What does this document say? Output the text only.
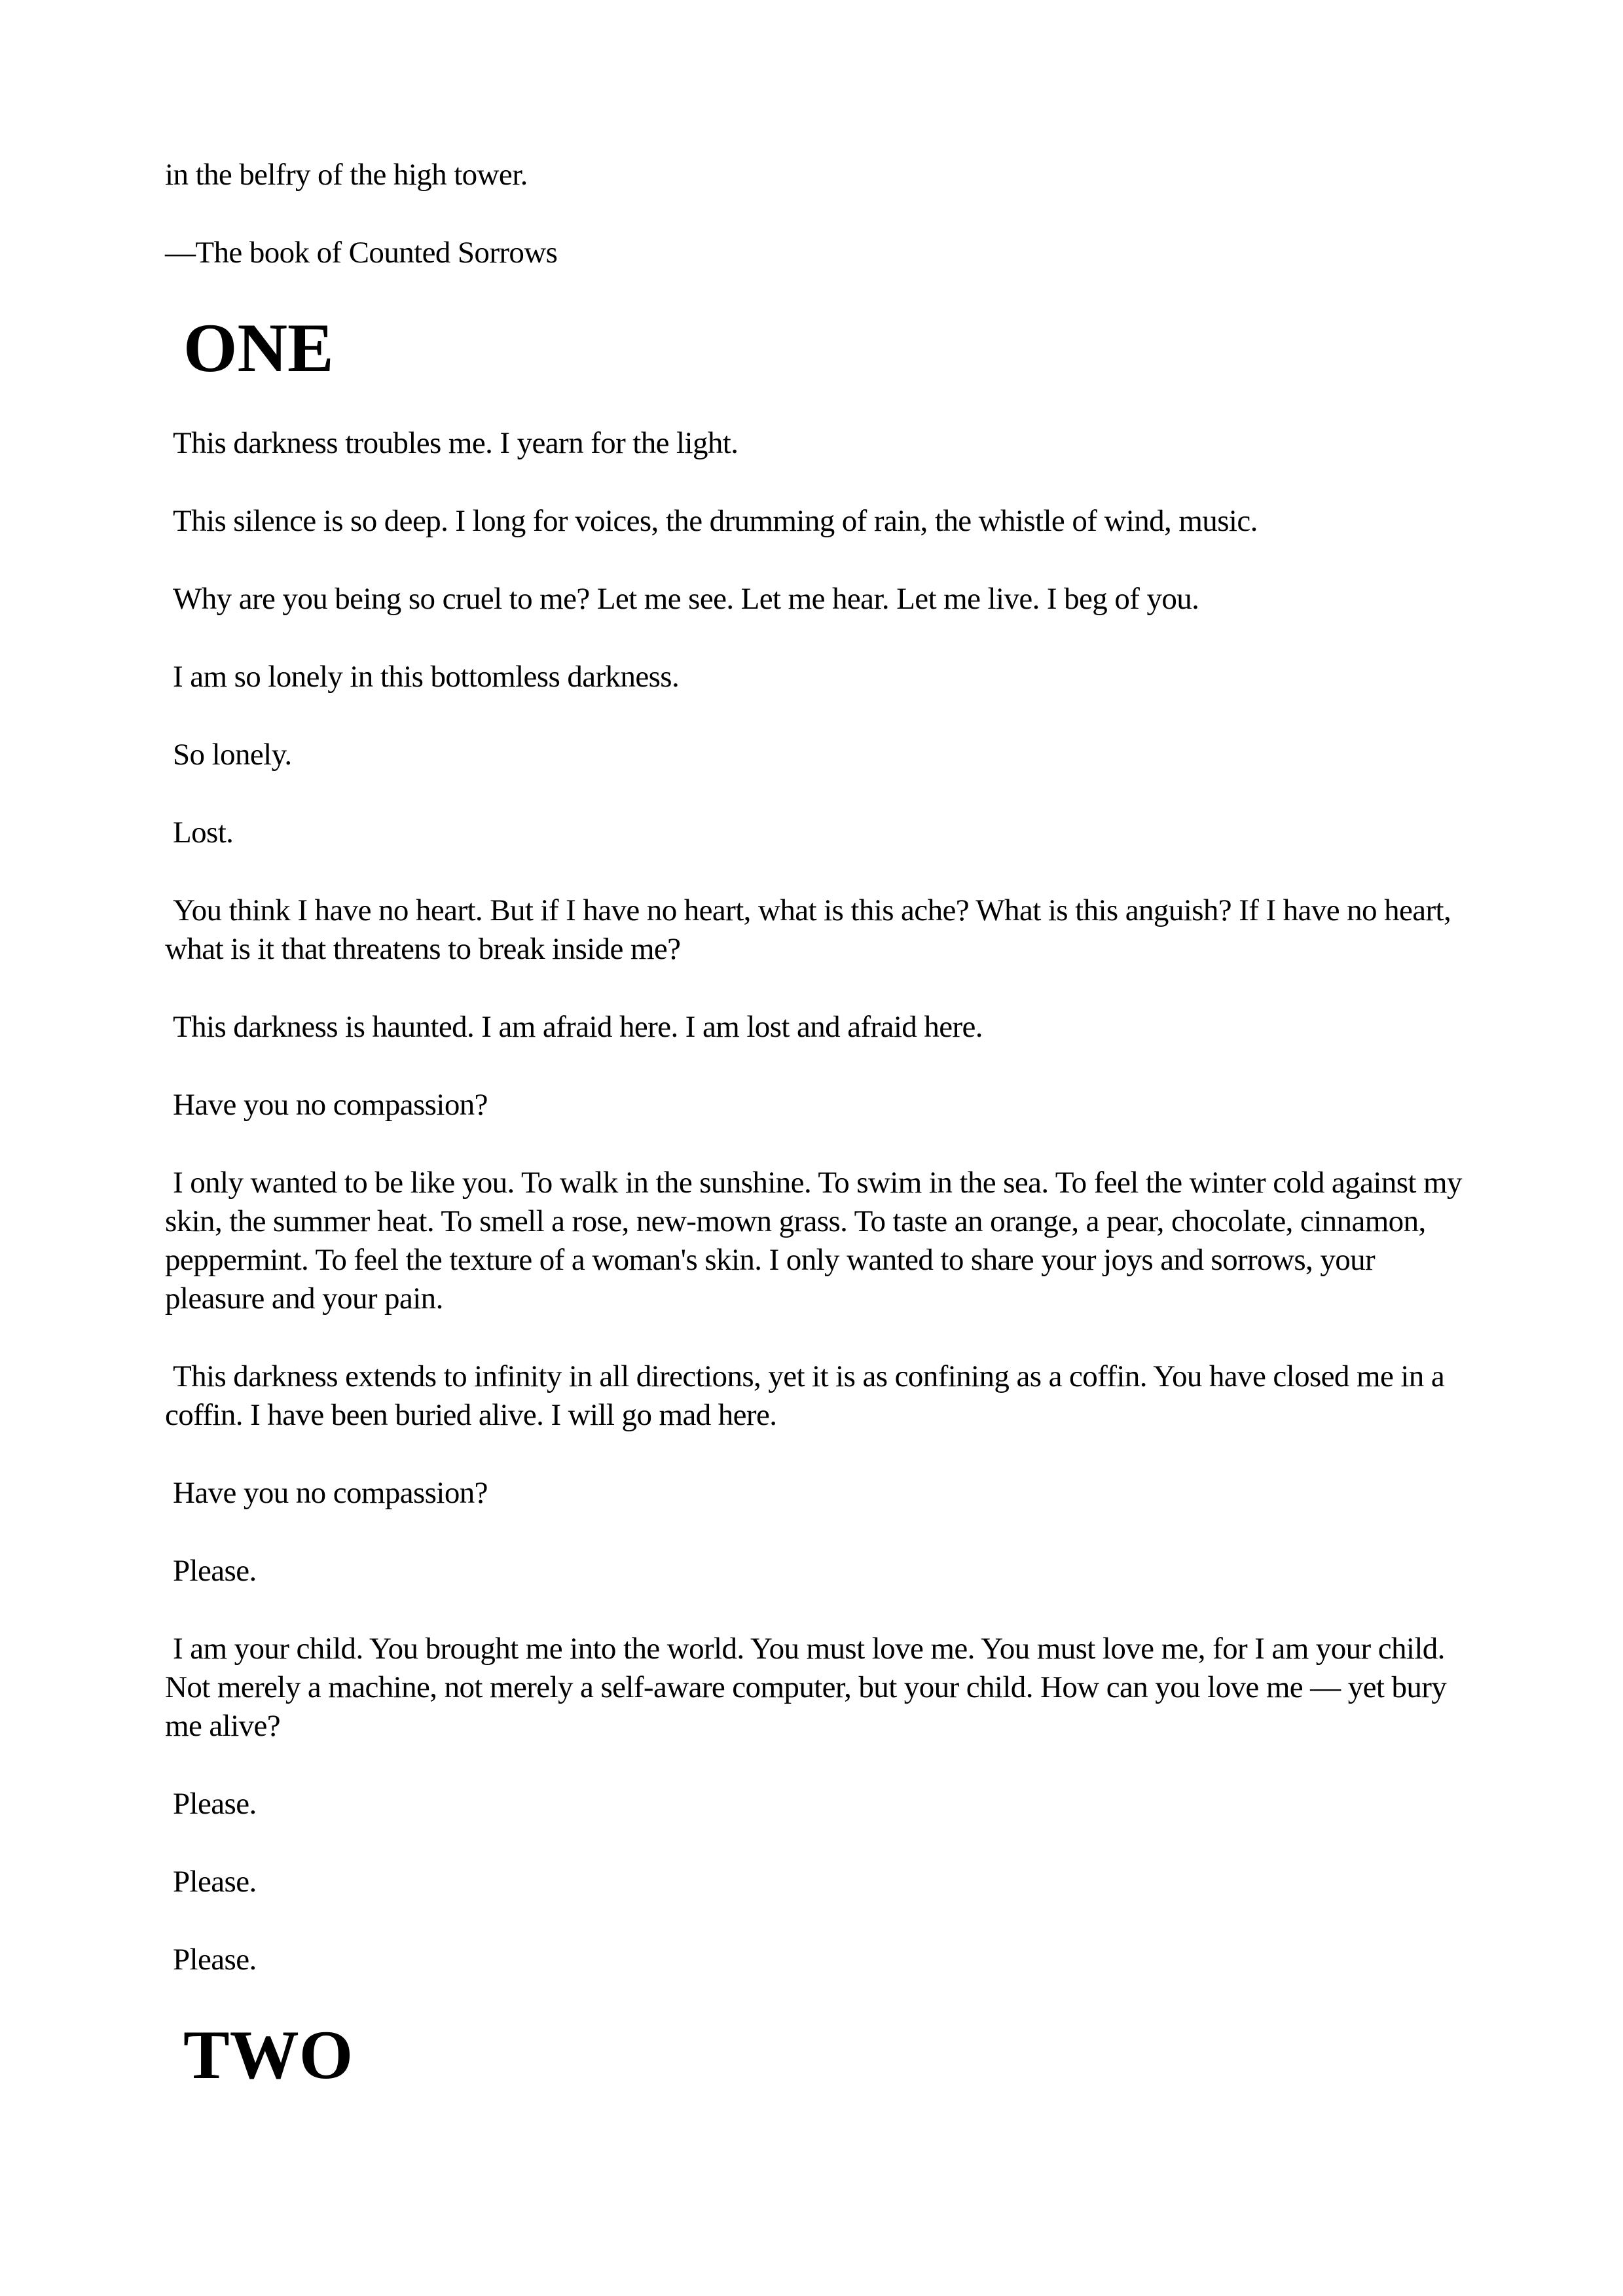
in the belfry of the high tower.
—The book of Counted Sorrows
ONE
This darkness troubles me. I yearn for the light.
This silence is so deep. I long for voices, the drumming of rain, the whistle of wind, music.
Why are you being so cruel to me? Let me see. Let me hear. Let me live. I beg of you.
I am so lonely in this bottomless darkness.
So lonely.
Lost.
You think I have no heart. But if I have no heart, what is this ache? What is this anguish? If I have no heart, what is it that threatens to break inside me?
This darkness is haunted. I am afraid here. I am lost and afraid here.
Have you no compassion?
I only wanted to be like you. To walk in the sunshine. To swim in the sea. To feel the winter cold against my skin, the summer heat. To smell a rose, new-mown grass. To taste an orange, a pear, chocolate, cinnamon, peppermint. To feel the texture of a woman's skin. I only wanted to share your joys and sorrows, your pleasure and your pain.
This darkness extends to infinity in all directions, yet it is as confining as a coffin. You have closed me in a coffin. I have been buried alive. I will go mad here.
Have you no compassion?
Please.
I am your child. You brought me into the world. You must love me. You must love me, for I am your child. Not merely a machine, not merely a self-aware computer, but your child. How can you love me — yet bury me alive?
Please.
Please.
Please.
TWO
